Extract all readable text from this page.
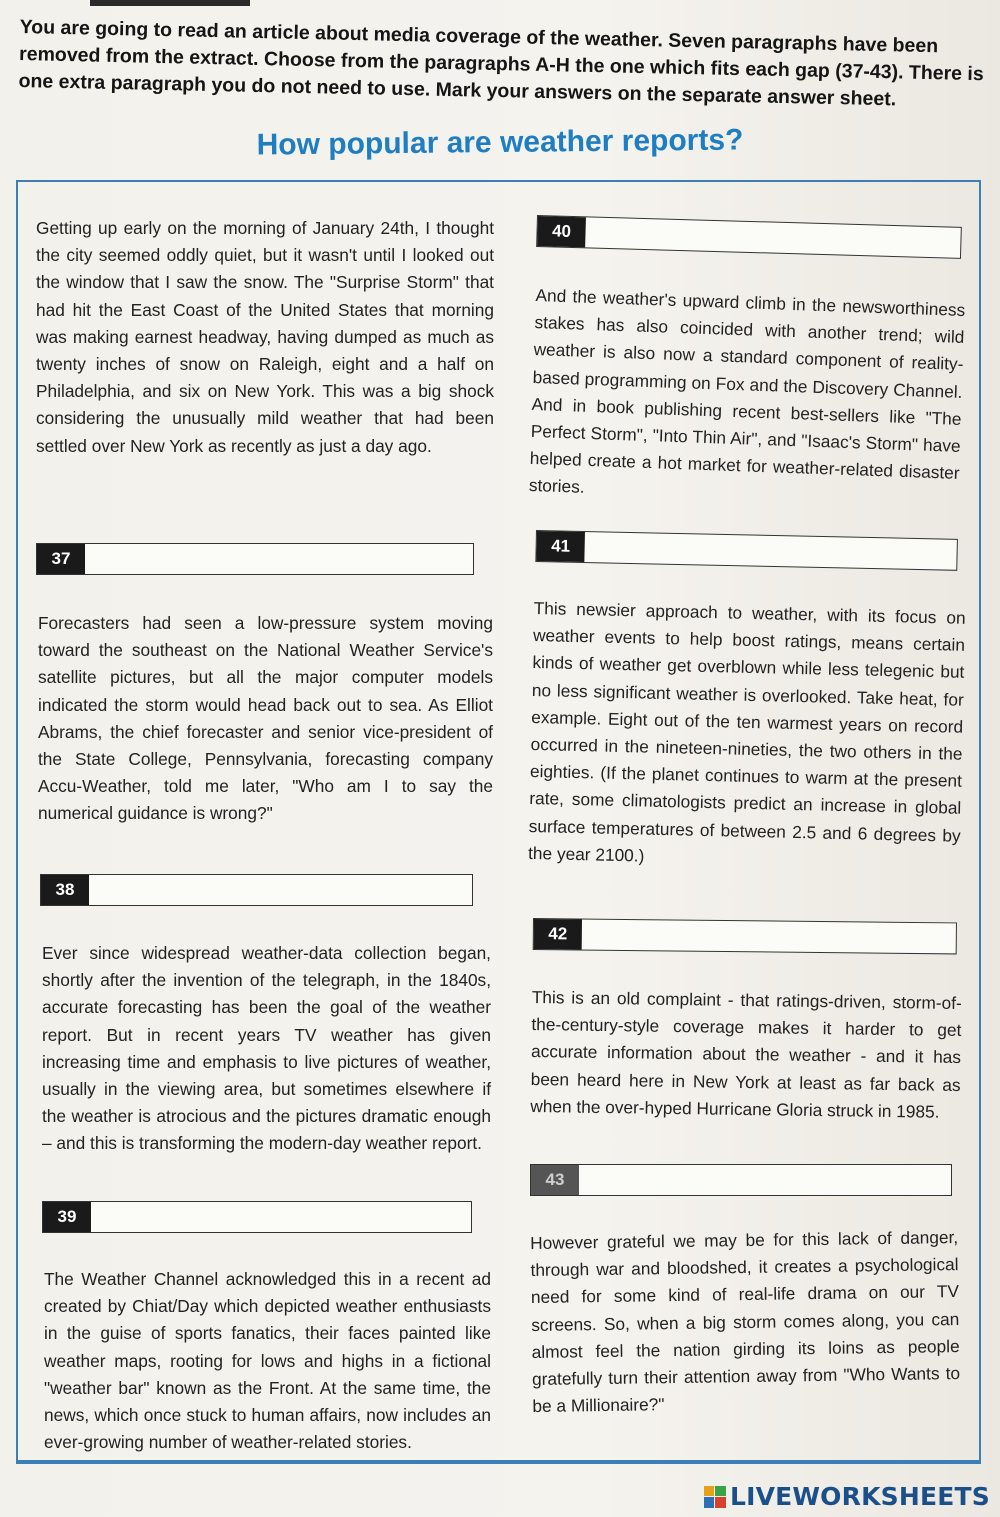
You are going to read an article about media coverage of the weather. Seven paragraphs have been removed from the extract. Choose from the paragraphs A-H the one which fits each gap (37-43). There is one extra paragraph you do not need to use. Mark your answers on the separate answer sheet.
How popular are weather reports?

Getting up early on the morning of January 24th, I thought the city seemed oddly quiet, but it wasn't until I looked out the window that I saw the snow. The "Surprise Storm" that had hit the East Coast of the United States that morning was making earnest headway, having dumped as much as twenty inches of snow on Raleigh, eight and a half on Philadelphia, and six on New York. This was a big shock considering the unusually mild weather that had been settled over New York as recently as just a day ago.

37

Forecasters had seen a low-pressure system moving toward the southeast on the National Weather Service's satellite pictures, but all the major computer models indicated the storm would head back out to sea. As Elliot Abrams, the chief forecaster and senior vice-president of the State College, Pennsylvania, forecasting company Accu-Weather, told me later, "Who am I to say the numerical guidance is wrong?"

38

Ever since widespread weather-data collection began, shortly after the invention of the telegraph, in the 1840s, accurate forecasting has been the goal of the weather report. But in recent years TV weather has given increasing time and emphasis to live pictures of weather, usually in the viewing area, but sometimes elsewhere if the weather is atrocious and the pictures dramatic enough – and this is transforming the modern-day weather report.

39

The Weather Channel acknowledged this in a recent ad created by Chiat/Day which depicted weather enthusiasts in the guise of sports fanatics, their faces painted like weather maps, rooting for lows and highs in a fictional "weather bar" known as the Front. At the same time, the news, which once stuck to human affairs, now includes an ever-growing number of weather-related stories.

40

And the weather's upward climb in the newsworthiness stakes has also coincided with another trend; wild weather is also now a standard component of reality-based programming on Fox and the Discovery Channel. And in book publishing recent best-sellers like "The Perfect Storm", "Into Thin Air", and "Isaac's Storm" have helped create a hot market for weather-related disaster stories.

41

This newsier approach to weather, with its focus on weather events to help boost ratings, means certain kinds of weather get overblown while less telegenic but no less significant weather is overlooked. Take heat, for example. Eight out of the ten warmest years on record occurred in the nineteen-nineties, the two others in the eighties. (If the planet continues to warm at the present rate, some climatologists predict an increase in global surface temperatures of between 2.5 and 6 degrees by the year 2100.)

42

This is an old complaint - that ratings-driven, storm-of-the-century-style coverage makes it harder to get accurate information about the weather - and it has been heard here in New York at least as far back as when the over-hyped Hurricane Gloria struck in 1985.

43

However grateful we may be for this lack of danger, through war and bloodshed, it creates a psychological need for some kind of real-life drama on our TV screens. So, when a big storm comes along, you can almost feel the nation girding its loins as people gratefully turn their attention away from "Who Wants to be a Millionaire?"

LIVEWORKSHEETS
